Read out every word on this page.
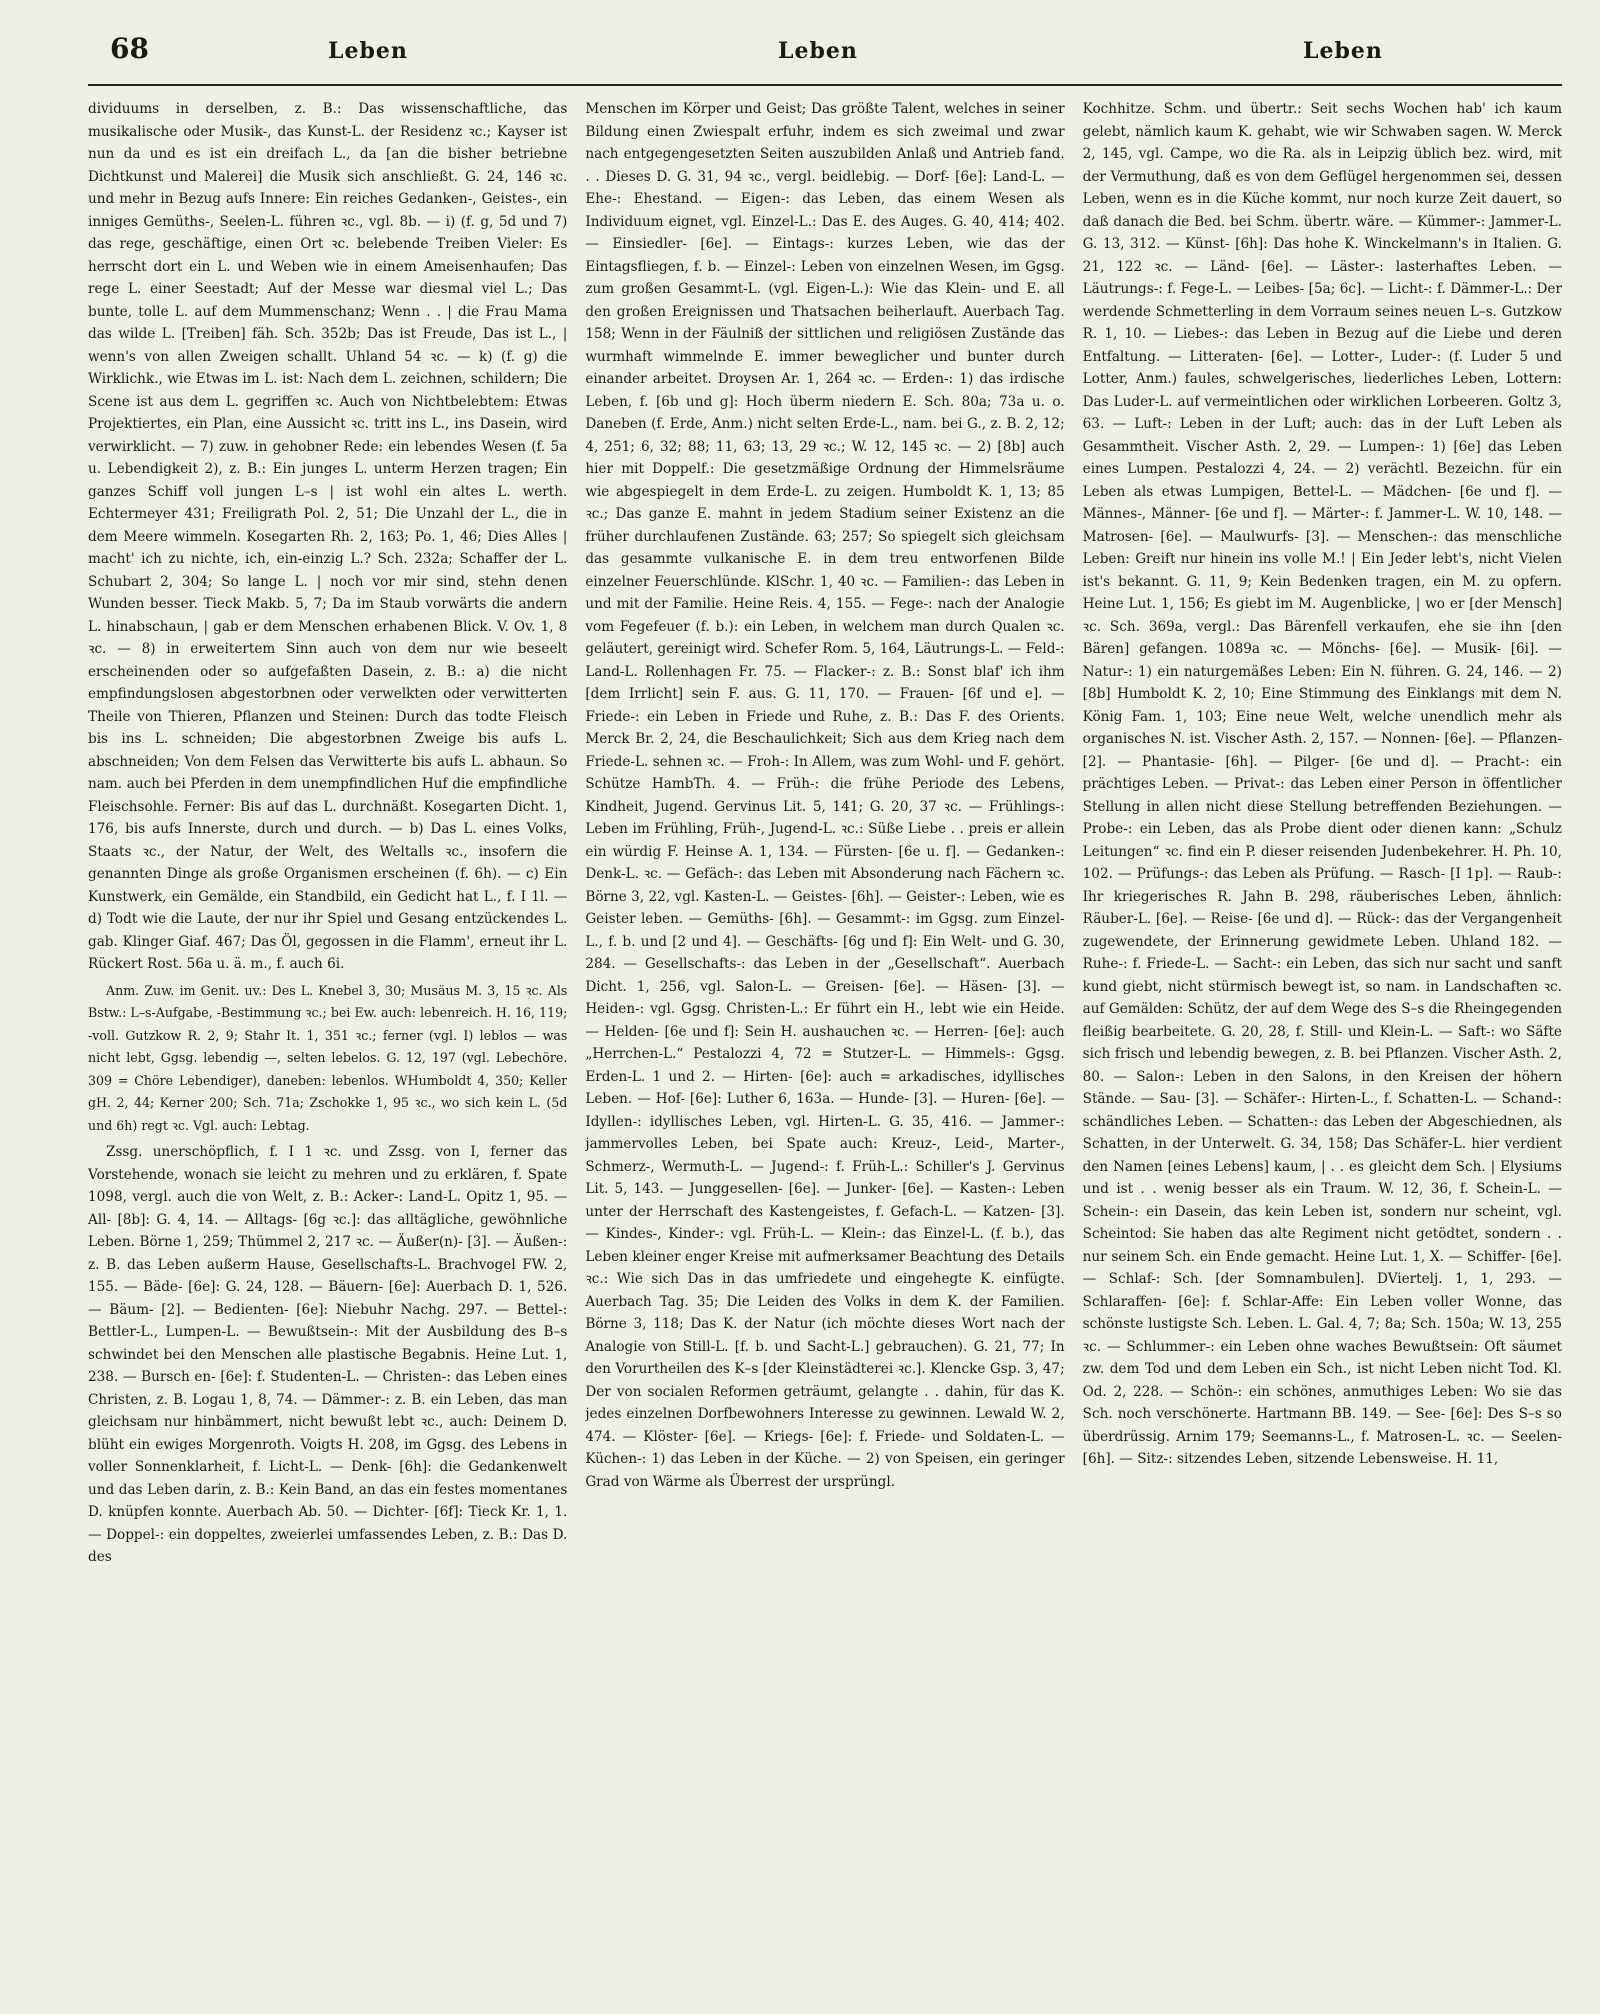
68	Leben	Leben	Leben

dividuums in derselben, z. B.: Das wissenschaftliche, das musikalische oder Musik-, das Kunst-L. der Residenz ꝛc.; Kayser ist nun da und es ist ein dreifach L., da [an die bisher betriebne Dichtkunst und Malerei] die Musik sich anschließt. G. 24, 146 ꝛc. und mehr in Bezug aufs Innere: Ein reiches Gedanken-, Geistes-, ein inniges Gemüths-, Seelen-L. führen ꝛc., vgl. 8b. — i) (f. g, 5d und 7) das rege, geschäftige, einen Ort ꝛc. belebende Treiben Vieler: Es herrscht dort ein L. und Weben wie in einem Ameisenhaufen; Das rege L. einer Seestadt; Auf der Messe war diesmal viel L.; Das bunte, tolle L. auf dem Mummenschanz; Wenn . . | die Frau Mama das wilde L. [Treiben] fäh. Sch. 352b; Das ist Freude, Das ist L., | wenn's von allen Zweigen schallt. Uhland 54 ꝛc. — k) (f. g) die Wirklichk., wie Etwas im L. ist: Nach dem L. zeichnen, schildern; Die Scene ist aus dem L. gegriffen ꝛc. Auch von Nichtbelebtem: Etwas Projektiertes, ein Plan, eine Aussicht ꝛc. tritt ins L., ins Dasein, wird verwirklicht. — 7) zuw. in gehobner Rede: ein lebendes Wesen (f. 5a u. Lebendigkeit 2), z. B.: Ein junges L. unterm Herzen tragen; Ein ganzes Schiff voll jungen L–s | ist wohl ein altes L. werth. Echtermeyer 431; Freiligrath Pol. 2, 51; Die Unzahl der L., die in dem Meere wimmeln. Kosegarten Rh. 2, 163; Po. 1, 46; Dies Alles | macht' ich zu nichte, ich, ein-einzig L.? Sch. 232a; Schaffer der L. Schubart 2, 304; So lange L. | noch vor mir sind, stehn denen Wunden besser. Tieck Makb. 5, 7; Da im Staub vorwärts die andern L. hinabschaun, | gab er dem Menschen erhabenen Blick. V. Ov. 1, 8 ꝛc. — 8) in erweitertem Sinn auch von dem nur wie beseelt erscheinenden oder so aufgefaßten Dasein, z. B.: a) die nicht empfindungslosen abgestorbnen oder verwelkten oder verwitterten Theile von Thieren, Pflanzen und Steinen: Durch das todte Fleisch bis ins L. schneiden; Die abgestorbnen Zweige bis aufs L. abschneiden; Von dem Felsen das Verwitterte bis aufs L. abhaun. So nam. auch bei Pferden in dem unempfindlichen Huf die empfindliche Fleischsohle. Ferner: Bis auf das L. durchnäßt. Kosegarten Dicht. 1, 176, bis aufs Innerste, durch und durch. — b) Das L. eines Volks, Staats ꝛc., der Natur, der Welt, des Weltalls ꝛc., insofern die genannten Dinge als große Organismen erscheinen (f. 6h). — c) Ein Kunstwerk, ein Gemälde, ein Standbild, ein Gedicht hat L., f. I 1l. — d) Todt wie die Laute, der nur ihr Spiel und Gesang entzückendes L. gab. Klinger Giaf. 467; Das Öl, gegossen in die Flamm', erneut ihr L. Rückert Rost. 56a u. ä. m., f. auch 6i.

Anm. Zuw. im Genit. uv.: Des L. Knebel 3, 30; Musäus M. 3, 15 ꝛc. Als Bstw.: L–s-Aufgabe, -Bestimmung ꝛc.; bei Ew. auch: lebenreich. H. 16, 119; -voll. Gutzkow R. 2, 9; Stahr It. 1, 351 ꝛc.; ferner (vgl. I) leblos — was nicht lebt, Ggsg. lebendig —, selten lebelos. G. 12, 197 (vgl. Lebechöre. 309 = Chöre Lebendiger), daneben: lebenlos. WHumboldt 4, 350; Keller gH. 2, 44; Kerner 200; Sch. 71a; Zschokke 1, 95 ꝛc., wo sich kein L. (5d und 6h) regt ꝛc. Vgl. auch: Lebtag.

Zssg. unerschöpflich, f. I 1 ꝛc. und Zssg. von I, ferner das Vorstehende, wonach sie leicht zu mehren und zu erklären, f. Spate 1098, vergl. auch die von Welt, z. B.: Acker-: Land-L. Opitz 1, 95. — All- [8b]: G. 4, 14. — Alltags- [6g ꝛc.]: das alltägliche, gewöhnliche Leben. Börne 1, 259; Thümmel 2, 217 ꝛc. — Äußer(n)- [3]. — Äußen-: z. B. das Leben außerm Hause, Gesellschafts-L. Brachvogel FW. 2, 155. — Bäde- [6e]: G. 24, 128. — Bäuern- [6e]: Auerbach D. 1, 526. — Bäum- [2]. — Bedienten- [6e]: Niebuhr Nachg. 297. — Bettel-: Bettler-L., Lumpen-L. — Bewußtsein-: Mit der Ausbildung des B–s schwindet bei den Menschen alle plastische Begabnis. Heine Lut. 1, 238. — Bursch en- [6e]: f. Studenten-L. — Christen-: das Leben eines Christen, z. B. Logau 1, 8, 74. — Dämmer-: z. B. ein Leben, das man gleichsam nur hinbämmert, nicht bewußt lebt ꝛc., auch: Deinem D. blüht ein ewiges Morgenroth. Voigts H. 208, im Ggsg. des Lebens in voller Sonnenklarheit, f. Licht-L. — Denk- [6h]: die Gedankenwelt und das Leben darin, z. B.: Kein Band, an das ein festes momentanes D. knüpfen konnte. Auerbach Ab. 50. — Dichter- [6f]: Tieck Kr. 1, 1. — Doppel-: ein doppeltes, zweierlei umfassendes Leben, z. B.: Das D. des

Menschen im Körper und Geist; Das größte Talent, welches in seiner Bildung einen Zwiespalt erfuhr, indem es sich zweimal und zwar nach entgegengesetzten Seiten auszubilden Anlaß und Antrieb fand. . . Dieses D. G. 31, 94 ꝛc., vergl. beidlebig. — Dorf- [6e]: Land-L. — Ehe-: Ehestand. — Eigen-: das Leben, das einem Wesen als Individuum eignet, vgl. Einzel-L.: Das E. des Auges. G. 40, 414; 402. — Einsiedler- [6e]. — Eintags-: kurzes Leben, wie das der Eintagsfliegen, f. b. — Einzel-: Leben von einzelnen Wesen, im Ggsg. zum großen Gesammt-L. (vgl. Eigen-L.): Wie das Klein- und E. all den großen Ereignissen und Thatsachen beiherlauft. Auerbach Tag. 158; Wenn in der Fäulniß der sittlichen und religiösen Zustände das wurmhaft wimmelnde E. immer beweglicher und bunter durch einander arbeitet. Droysen Ar. 1, 264 ꝛc. — Erden-: 1) das irdische Leben, f. [6b und g]: Hoch überm niedern E. Sch. 80a; 73a u. o. Daneben (f. Erde, Anm.) nicht selten Erde-L., nam. bei G., z. B. 2, 12; 4, 251; 6, 32; 88; 11, 63; 13, 29 ꝛc.; W. 12, 145 ꝛc. — 2) [8b] auch hier mit Doppelf.: Die gesetzmäßige Ordnung der Himmelsräume wie abgespiegelt in dem Erde-L. zu zeigen. Humboldt K. 1, 13; 85 ꝛc.; Das ganze E. mahnt in jedem Stadium seiner Existenz an die früher durchlaufenen Zustände. 63; 257; So spiegelt sich gleichsam das gesammte vulkanische E. in dem treu entworfenen Bilde einzelner Feuerschlünde. KlSchr. 1, 40 ꝛc. — Familien-: das Leben in und mit der Familie. Heine Reis. 4, 155. — Fege-: nach der Analogie vom Fegefeuer (f. b.): ein Leben, in welchem man durch Qualen ꝛc. geläutert, gereinigt wird. Schefer Rom. 5, 164, Läutrungs-L. — Feld-: Land-L. Rollenhagen Fr. 75. — Flacker-: z. B.: Sonst blaf' ich ihm [dem Irrlicht] sein F. aus. G. 11, 170. — Frauen- [6f und e]. — Friede-: ein Leben in Friede und Ruhe, z. B.: Das F. des Orients. Merck Br. 2, 24, die Beschaulichkeit; Sich aus dem Krieg nach dem Friede-L. sehnen ꝛc. — Froh-: In Allem, was zum Wohl- und F. gehört. Schütze HambTh. 4. — Früh-: die frühe Periode des Lebens, Kindheit, Jugend. Gervinus Lit. 5, 141; G. 20, 37 ꝛc. — Frühlings-: Leben im Frühling, Früh-, Jugend-L. ꝛc.: Süße Liebe . . preis er allein ein würdig F. Heinse A. 1, 134. — Fürsten- [6e u. f]. — Gedanken-: Denk-L. ꝛc. — Gefäch-: das Leben mit Absonderung nach Fächern ꝛc. Börne 3, 22, vgl. Kasten-L. — Geistes- [6h]. — Geister-: Leben, wie es Geister leben. — Gemüths- [6h]. — Gesammt-: im Ggsg. zum Einzel-L., f. b. und [2 und 4]. — Geschäfts- [6g und f]: Ein Welt- und G. 30, 284. — Gesellschafts-: das Leben in der „Gesellschaft“. Auerbach Dicht. 1, 256, vgl. Salon-L. — Greisen- [6e]. — Häsen- [3]. — Heiden-: vgl. Ggsg. Christen-L.: Er führt ein H., lebt wie ein Heide. — Helden- [6e und f]: Sein H. aushauchen ꝛc. — Herren- [6e]: auch „Herrchen-L.“ Pestalozzi 4, 72 = Stutzer-L. — Himmels-: Ggsg. Erden-L. 1 und 2. — Hirten- [6e]: auch = arkadisches, idyllisches Leben. — Hof- [6e]: Luther 6, 163a. — Hunde- [3]. — Huren- [6e]. — Idyllen-: idyllisches Leben, vgl. Hirten-L. G. 35, 416. — Jammer-: jammervolles Leben, bei Spate auch: Kreuz-, Leid-, Marter-, Schmerz-, Wermuth-L. — Jugend-: f. Früh-L.: Schiller's J. Gervinus Lit. 5, 143. — Junggesellen- [6e]. — Junker- [6e]. — Kasten-: Leben unter der Herrschaft des Kastengeistes, f. Gefach-L. — Katzen- [3]. — Kindes-, Kinder-: vgl. Früh-L. — Klein-: das Einzel-L. (f. b.), das Leben kleiner enger Kreise mit aufmerksamer Beachtung des Details ꝛc.: Wie sich Das in das umfriedete und eingehegte K. einfügte. Auerbach Tag. 35; Die Leiden des Volks in dem K. der Familien. Börne 3, 118; Das K. der Natur (ich möchte dieses Wort nach der Analogie von Still-L. [f. b. und Sacht-L.] gebrauchen). G. 21, 77; In den Vorurtheilen des K–s [der Kleinstädterei ꝛc.]. Klencke Gsp. 3, 47; Der von socialen Reformen geträumt, gelangte . . dahin, für das K. jedes einzelnen Dorfbewohners Interesse zu gewinnen. Lewald W. 2, 474. — Klöster- [6e]. — Kriegs- [6e]: f. Friede- und Soldaten-L. — Küchen-: 1) das Leben in der Küche. — 2) von Speisen, ein geringer Grad von Wärme als Überrest der ursprüngl.

Kochhitze. Schm. und übertr.: Seit sechs Wochen hab' ich kaum gelebt, nämlich kaum K. gehabt, wie wir Schwaben sagen. W. Merck 2, 145, vgl. Campe, wo die Ra. als in Leipzig üblich bez. wird, mit der Vermuthung, daß es von dem Geflügel hergenommen sei, dessen Leben, wenn es in die Küche kommt, nur noch kurze Zeit dauert, so daß danach die Bed. bei Schm. übertr. wäre. — Kümmer-: Jammer-L. G. 13, 312. — Künst- [6h]: Das hohe K. Winckelmann's in Italien. G. 21, 122 ꝛc. — Länd- [6e]. — Läster-: lasterhaftes Leben. — Läutrungs-: f. Fege-L. — Leibes- [5a; 6c]. — Licht-: f. Dämmer-L.: Der werdende Schmetterling in dem Vorraum seines neuen L–s. Gutzkow R. 1, 10. — Liebes-: das Leben in Bezug auf die Liebe und deren Entfaltung. — Litteraten- [6e]. — Lotter-, Luder-: (f. Luder 5 und Lotter, Anm.) faules, schwelgerisches, liederliches Leben, Lottern: Das Luder-L. auf vermeintlichen oder wirklichen Lorbeeren. Goltz 3, 63. — Luft-: Leben in der Luft; auch: das in der Luft Leben als Gesammtheit. Vischer Asth. 2, 29. — Lumpen-: 1) [6e] das Leben eines Lumpen. Pestalozzi 4, 24. — 2) verächtl. Bezeichn. für ein Leben als etwas Lumpigen, Bettel-L. — Mädchen- [6e und f]. — Männes-, Männer- [6e und f]. — Märter-: f. Jammer-L. W. 10, 148. — Matrosen- [6e]. — Maulwurfs- [3]. — Menschen-: das menschliche Leben: Greift nur hinein ins volle M.! | Ein Jeder lebt's, nicht Vielen ist's bekannt. G. 11, 9; Kein Bedenken tragen, ein M. zu opfern. Heine Lut. 1, 156; Es giebt im M. Augenblicke, | wo er [der Mensch] ꝛc. Sch. 369a, vergl.: Das Bärenfell verkaufen, ehe sie ihn [den Bären] gefangen. 1089a ꝛc. — Mönchs- [6e]. — Musik- [6i]. — Natur-: 1) ein naturgemäßes Leben: Ein N. führen. G. 24, 146. — 2) [8b] Humboldt K. 2, 10; Eine Stimmung des Einklangs mit dem N. König Fam. 1, 103; Eine neue Welt, welche unendlich mehr als organisches N. ist. Vischer Asth. 2, 157. — Nonnen- [6e]. — Pflanzen- [2]. — Phantasie- [6h]. — Pilger- [6e und d]. — Pracht-: ein prächtiges Leben. — Privat-: das Leben einer Person in öffentlicher Stellung in allen nicht diese Stellung betreffenden Beziehungen. — Probe-: ein Leben, das als Probe dient oder dienen kann: „Schulz Leitungen“ ꝛc. find ein P. dieser reisenden Judenbekehrer. H. Ph. 10, 102. — Prüfungs-: das Leben als Prüfung. — Rasch- [I 1p]. — Raub-: Ihr kriegerisches R. Jahn B. 298, räuberisches Leben, ähnlich: Räuber-L. [6e]. — Reise- [6e und d]. — Rück-: das der Vergangenheit zugewendete, der Erinnerung gewidmete Leben. Uhland 182. — Ruhe-: f. Friede-L. — Sacht-: ein Leben, das sich nur sacht und sanft kund giebt, nicht stürmisch bewegt ist, so nam. in Landschaften ꝛc. auf Gemälden: Schütz, der auf dem Wege des S–s die Rheingegenden fleißig bearbeitete. G. 20, 28, f. Still- und Klein-L. — Saft-: wo Säfte sich frisch und lebendig bewegen, z. B. bei Pflanzen. Vischer Asth. 2, 80. — Salon-: Leben in den Salons, in den Kreisen der höhern Stände. — Sau- [3]. — Schäfer-: Hirten-L., f. Schatten-L. — Schand-: schändliches Leben. — Schatten-: das Leben der Abgeschiednen, als Schatten, in der Unterwelt. G. 34, 158; Das Schäfer-L. hier verdient den Namen [eines Lebens] kaum, | . . es gleicht dem Sch. | Elysiums und ist . . wenig besser als ein Traum. W. 12, 36, f. Schein-L. — Schein-: ein Dasein, das kein Leben ist, sondern nur scheint, vgl. Scheintod: Sie haben das alte Regiment nicht getödtet, sondern . . nur seinem Sch. ein Ende gemacht. Heine Lut. 1, X. — Schiffer- [6e]. — Schlaf-: Sch. [der Somnambulen]. DViertelj. 1, 1, 293. — Schlaraffen- [6e]: f. Schlar-Affe: Ein Leben voller Wonne, das schönste lustigste Sch. Leben. L. Gal. 4, 7; 8a; Sch. 150a; W. 13, 255 ꝛc. — Schlummer-: ein Leben ohne waches Bewußtsein: Oft säumet zw. dem Tod und dem Leben ein Sch., ist nicht Leben nicht Tod. Kl. Od. 2, 228. — Schön-: ein schönes, anmuthiges Leben: Wo sie das Sch. noch verschönerte. Hartmann BB. 149. — See- [6e]: Des S–s so überdrüssig. Arnim 179; Seemanns-L., f. Matrosen-L. ꝛc. — Seelen- [6h]. — Sitz-: sitzendes Leben, sitzende Lebensweise. H. 11,
